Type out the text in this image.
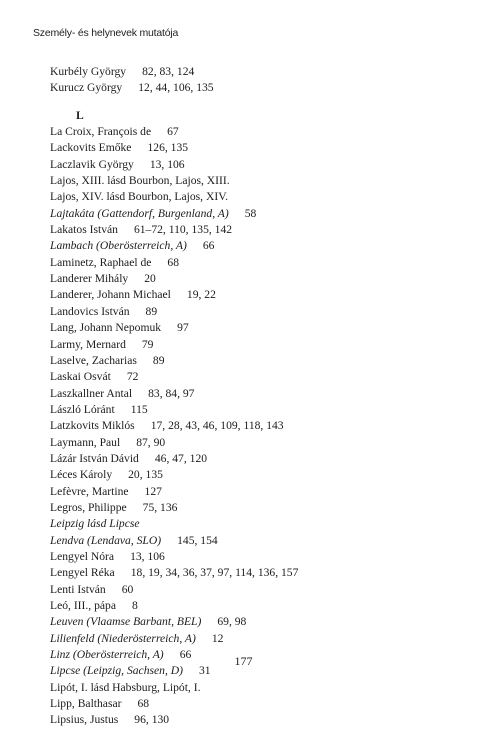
Személy- és helynevek mutatója
Kurbély György 82, 83, 124
Kurucz György 12, 44, 106, 135
L
La Croix, François de 67
Lackovits Emőke 126, 135
Laczlavik György 13, 106
Lajos, XIII. lásd Bourbon, Lajos, XIII.
Lajos, XIV. lásd Bourbon, Lajos, XIV.
Lajtakáta (Gattendorf, Burgenland, A) 58
Lakatos István 61–72, 110, 135, 142
Lambach (Oberösterreich, A) 66
Laminetz, Raphael de 68
Landerer Mihály 20
Landerer, Johann Michael 19, 22
Landovics István 89
Lang, Johann Nepomuk 97
Larmy, Mernard 79
Laselve, Zacharias 89
Laskai Osvát 72
Laszkallner Antal 83, 84, 97
László Lóránt 115
Latzkovits Miklós 17, 28, 43, 46, 109, 118, 143
Laymann, Paul 87, 90
Lázár István Dávid 46, 47, 120
Léces Károly 20, 135
Lefèvre, Martine 127
Legros, Philippe 75, 136
Leipzig lásd Lipcse
Lendva (Lendava, SLO) 145, 154
Lengyel Nóra 13, 106
Lengyel Réka 18, 19, 34, 36, 37, 97, 114, 136, 157
Lenti István 60
Leó, III., pápa 8
Leuven (Vlaamse Barbant, BEL) 69, 98
Lilienfeld (Niederösterreich, A) 12
Linz (Oberösterreich, A) 66
Lipcse (Leipzig, Sachsen, D) 31
Lipót, I. lásd Habsburg, Lipót, I.
Lipp, Balthasar 68
Lipsius, Justus 96, 130
177
